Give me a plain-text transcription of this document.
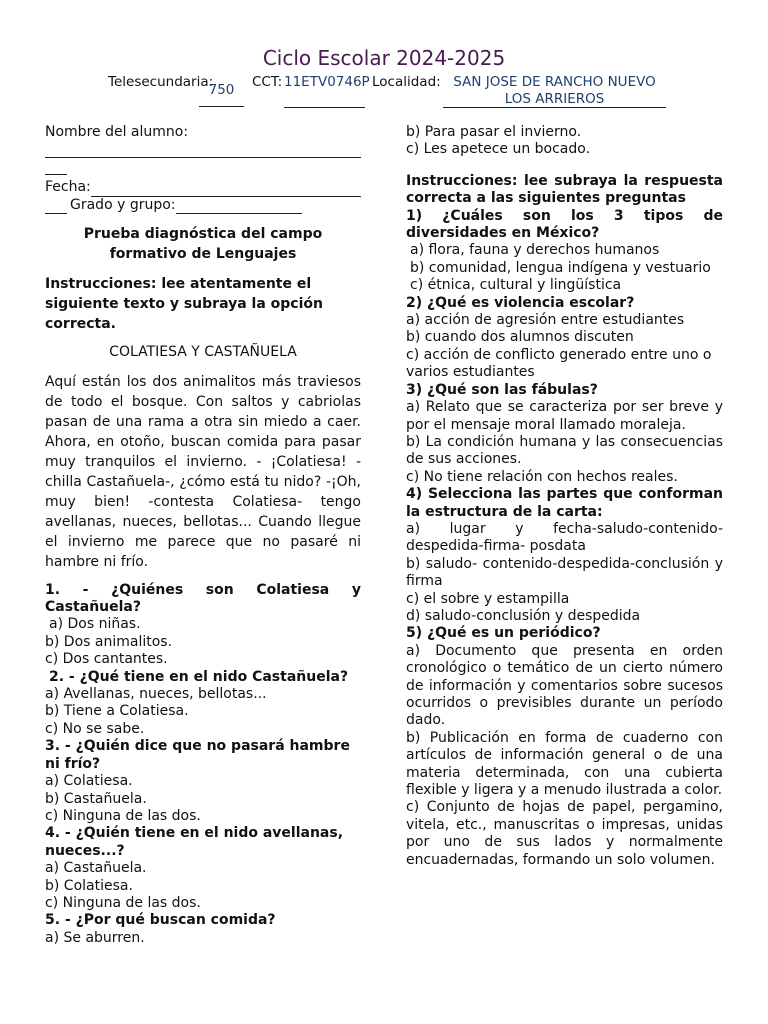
Ciclo Escolar 2024-2025
Telesecundaria:
750	CCT: 11ETV0746P Localidad: SAN JOSE DE RANCHO NUEVO LOS ARRIEROS
Nombre del alumno:
Fecha:
Grado y grupo:
Prueba diagnóstica del campo formativo de Lenguajes
Instrucciones: lee atentamente el siguiente texto y subraya la opción correcta.
COLATIESA Y CASTAÑUELA
Aquí están los dos animalitos más traviesos de todo el bosque. Con saltos y cabriolas pasan de una rama a otra sin miedo a caer. Ahora, en otoño, buscan comida para pasar muy tranquilos el invierno. - ¡Colatiesa! -chilla Castañuela-, ¿cómo está tu nido? -¡Oh, muy bien! -contesta Colatiesa- tengo avellanas, nueces, bellotas... Cuando llegue el invierno me parece que no pasaré ni hambre ni frío.
1. - ¿Quiénes son Colatiesa y Castañuela?
a) Dos niñas.
b) Dos animalitos.
c) Dos cantantes.
2. - ¿Qué tiene en el nido Castañuela?
a) Avellanas, nueces, bellotas...
b) Tiene a Colatiesa.
c) No se sabe.
3. - ¿Quién dice que no pasará hambre ni frío?
a) Colatiesa.
b) Castañuela.
c) Ninguna de las dos.
4. - ¿Quién tiene en el nido avellanas, nueces...?
a) Castañuela.
b) Colatiesa.
c) Ninguna de las dos.
5. - ¿Por qué buscan comida?
a) Se aburren.
b) Para pasar el invierno.
c) Les apetece un bocado.
Instrucciones: lee subraya la respuesta correcta a las siguientes preguntas
1) ¿Cuáles son los 3 tipos de diversidades en México?
a) flora, fauna y derechos humanos
b) comunidad, lengua indígena y vestuario
c) étnica, cultural y lingüística
2) ¿Qué es violencia escolar?
a) acción de agresión entre estudiantes
b) cuando dos alumnos discuten
c) acción de conflicto generado entre uno o varios estudiantes
3) ¿Qué son las fábulas?
a) Relato que se caracteriza por ser breve y por el mensaje moral llamado moraleja.
b) La condición humana y las consecuencias de sus acciones.
c) No tiene relación con hechos reales.
4) Selecciona las partes que conforman la estructura de la carta:
a) lugar y fecha-saludo-contenido-despedida-firma- posdata
b) saludo- contenido-despedida-conclusión y firma
c) el sobre y estampilla
d) saludo-conclusión y despedida
5) ¿Qué es un periódico?
a) Documento que presenta en orden cronológico o temático de un cierto número de información y comentarios sobre sucesos ocurridos o previsibles durante un período dado.
b) Publicación en forma de cuaderno con artículos de información general o de una materia determinada, con una cubierta flexible y ligera y a menudo ilustrada a color.
c) Conjunto de hojas de papel, pergamino, vitela, etc., manuscritas o impresas, unidas por uno de sus lados y normalmente encuadernadas, formando un solo volumen.
